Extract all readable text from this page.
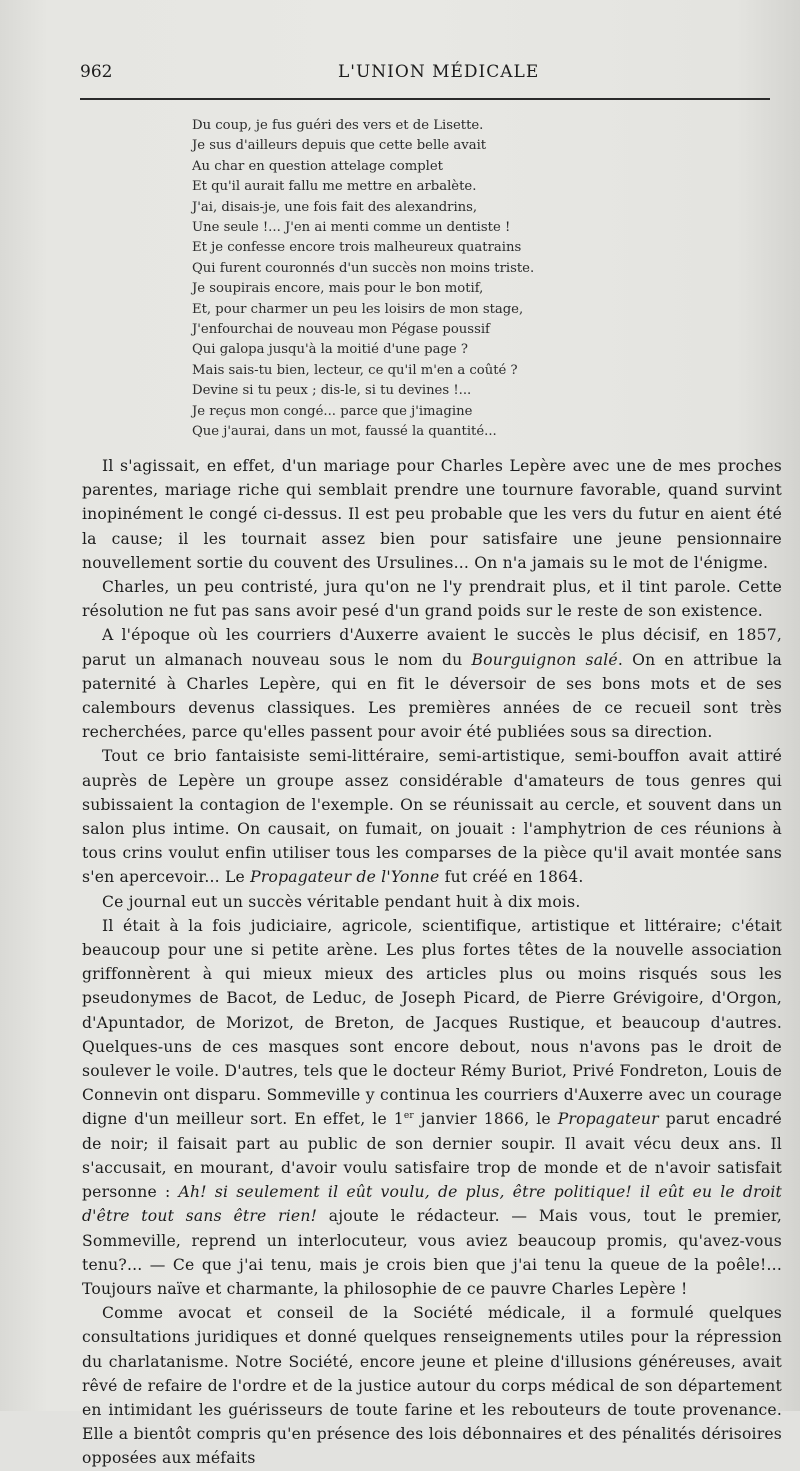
962	L'UNION MÉDICALE
Du coup, je fus guéri des vers et de Lisette.
Je sus d'ailleurs depuis que cette belle avait
Au char en question attelage complet
Et qu'il aurait fallu me mettre en arbalète.
J'ai, disais-je, une fois fait des alexandrins,
Une seule !... J'en ai menti comme un dentiste !
Et je confesse encore trois malheureux quatrains
Qui furent couronnés d'un succès non moins triste.
Je soupirais encore, mais pour le bon motif,
Et, pour charmer un peu les loisirs de mon stage,
J'enfourchai de nouveau mon Pégase poussif
Qui galopa jusqu'à la moitié d'une page ?
Mais sais-tu bien, lecteur, ce qu'il m'en a coûté ?
Devine si tu peux ; dis-le, si tu devines !...
Je reçus mon congé... parce que j'imagine
Que j'aurai, dans un mot, faussé la quantité...

Il s'agissait, en effet, d'un mariage pour Charles Lepère avec une de mes proches parentes, mariage riche qui semblait prendre une tournure favorable, quand survint inopinément le congé ci-dessus. Il est peu probable que les vers du futur en aient été la cause; il les tournait assez bien pour satisfaire une jeune pensionnaire nouvellement sortie du couvent des Ursulines... On n'a jamais su le mot de l'énigme.

Charles, un peu contristé, jura qu'on ne l'y prendrait plus, et il tint parole. Cette résolution ne fut pas sans avoir pesé d'un grand poids sur le reste de son existence.

A l'époque où les courriers d'Auxerre avaient le succès le plus décisif, en 1857, parut un almanach nouveau sous le nom du Bourguignon salé. On en attribue la paternité à Charles Lepère, qui en fit le déversoir de ses bons mots et de ses calembours devenus classiques. Les premières années de ce recueil sont très recherchées, parce qu'elles passent pour avoir été publiées sous sa direction.

Tout ce brio fantaisiste semi-littéraire, semi-artistique, semi-bouffon avait attiré auprès de Lepère un groupe assez considérable d'amateurs de tous genres qui subissaient la contagion de l'exemple. On se réunissait au cercle, et souvent dans un salon plus intime. On causait, on fumait, on jouait : l'amphytrion de ces réunions à tous crins voulut enfin utiliser tous les comparses de la pièce qu'il avait montée sans s'en apercevoir... Le Propagateur de l'Yonne fut créé en 1864.

Ce journal eut un succès véritable pendant huit à dix mois.

Il était à la fois judiciaire, agricole, scientifique, artistique et littéraire; c'était beaucoup pour une si petite arène. Les plus fortes têtes de la nouvelle association griffonnèrent à qui mieux mieux des articles plus ou moins risqués sous les pseudonymes de Bacot, de Leduc, de Joseph Picard, de Pierre Grévigoire, d'Orgon, d'Apuntador, de Morizot, de Breton, de Jacques Rustique, et beaucoup d'autres. Quelques-uns de ces masques sont encore debout, nous n'avons pas le droit de soulever le voile. D'autres, tels que le docteur Rémy Buriot, Privé Fondreton, Louis de Connevin ont disparu. Sommeville y continua les courriers d'Auxerre avec un courage digne d'un meilleur sort. En effet, le 1er janvier 1866, le Propagateur parut encadré de noir; il faisait part au public de son dernier soupir. Il avait vécu deux ans. Il s'accusait, en mourant, d'avoir voulu satisfaire trop de monde et de n'avoir satisfait personne : Ah! si seulement il eût voulu, de plus, être politique! il eût eu le droit d'être tout sans être rien! ajoute le rédacteur. — Mais vous, tout le premier, Sommeville, reprend un interlocuteur, vous aviez beaucoup promis, qu'avez-vous tenu?... — Ce que j'ai tenu, mais je crois bien que j'ai tenu la queue de la poêle!... Toujours naïve et charmante, la philosophie de ce pauvre Charles Lepère !

Comme avocat et conseil de la Société médicale, il a formulé quelques consultations juridiques et donné quelques renseignements utiles pour la répression du charlatanisme. Notre Société, encore jeune et pleine d'illusions généreuses, avait rêvé de refaire de l'ordre et de la justice autour du corps médical de son département en intimidant les guérisseurs de toute farine et les rebouteurs de toute provenance. Elle a bientôt compris qu'en présence des lois débonnaires et des pénalités dérisoires opposées aux méfaits
